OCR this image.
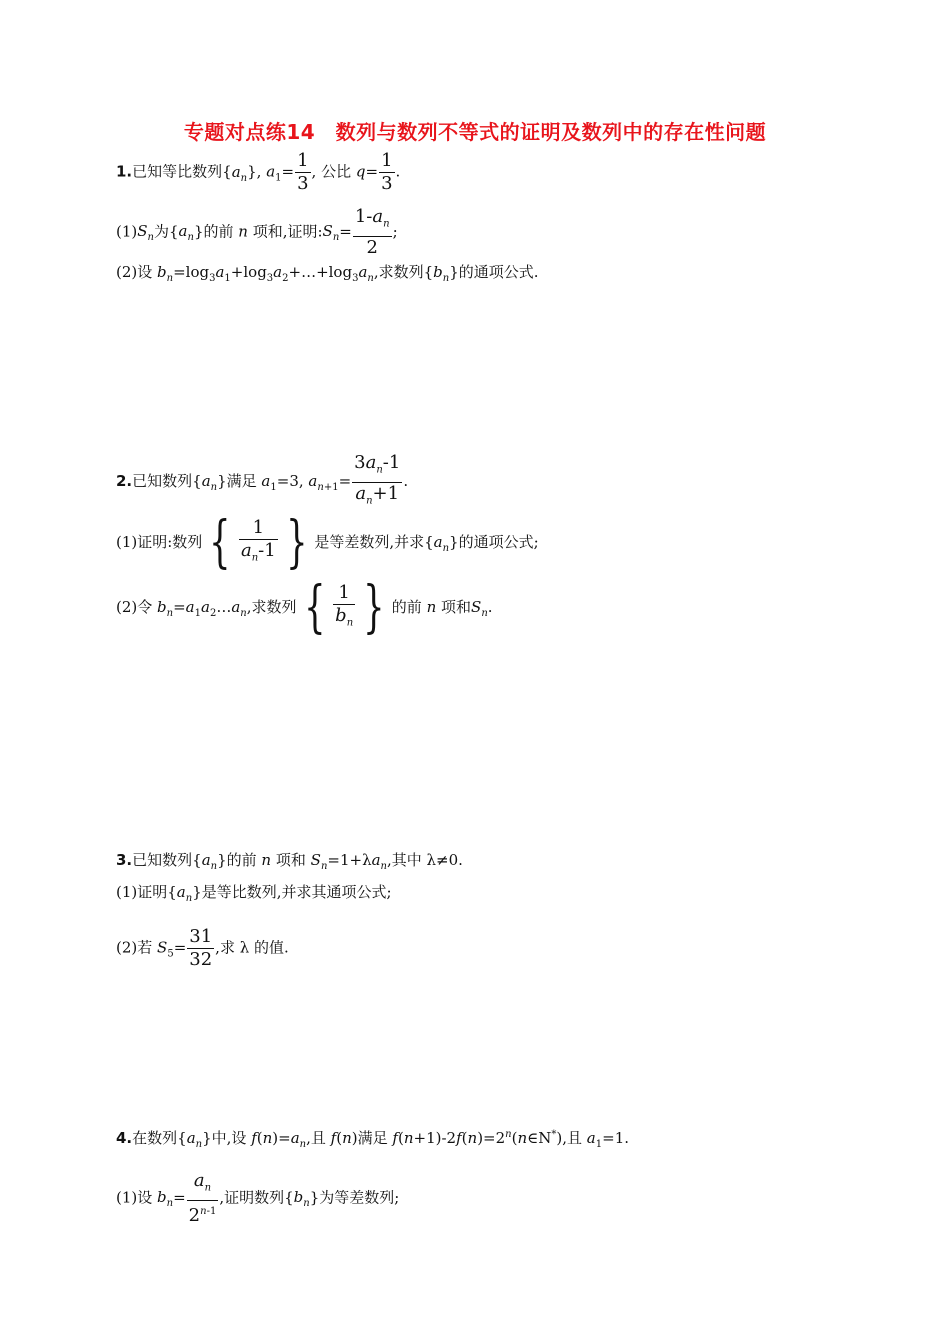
专题对点练14　数列与数列不等式的证明及数列中的存在性问题
1.已知等比数列$\{a_n\}$, $a_1= \frac{1}{3}$ , 公比 $q= \frac{1}{3}$ .
$(1)S_n$为$\{a_n\}$的前 n 项和,证明$:S_n= \frac{1-a_n}{2}$ ;
(2)设 $b_n=\log_3a_1+\log_3a_2+\dots+\log_3a_n$,求数列$\{b_n\}$的通项公式.
2.已知数列$\{a_n\}$满足 $a_1=3$, $a_{n+1}= \frac{3a_n-1}{a_n+1}$ .
(1)证明:数列 { $\frac{1}{a_n-1}$ } 是等差数列,并求$\{a_n\}$的通项公式;
(2)令 $b_n=a_1a_2\dots a_n$,求数列 { $\frac{1}{b_n}$ } 的前 n 项和$S_n$.
3.已知数列$\{a_n\}$的前 n 项和 $S_n=1+\lambda a_n$,其中 λ≠0.
(1)证明$\{a_n\}$是等比数列,并求其通项公式;
(2)若 $S_5= \frac{31}{32}$ ,求 λ 的值.
4.在数列$\{a_n\}$中,设 $f(n)=a_n$,且 f(n)满足 $f(n+1)-2f(n)=2^n(n\in N^*)$,且 $a_1=1$.
(1)设 $b_n= \frac{a_n}{2^{n-1}}$ ,证明数列$\{b_n\}$为等差数列;
